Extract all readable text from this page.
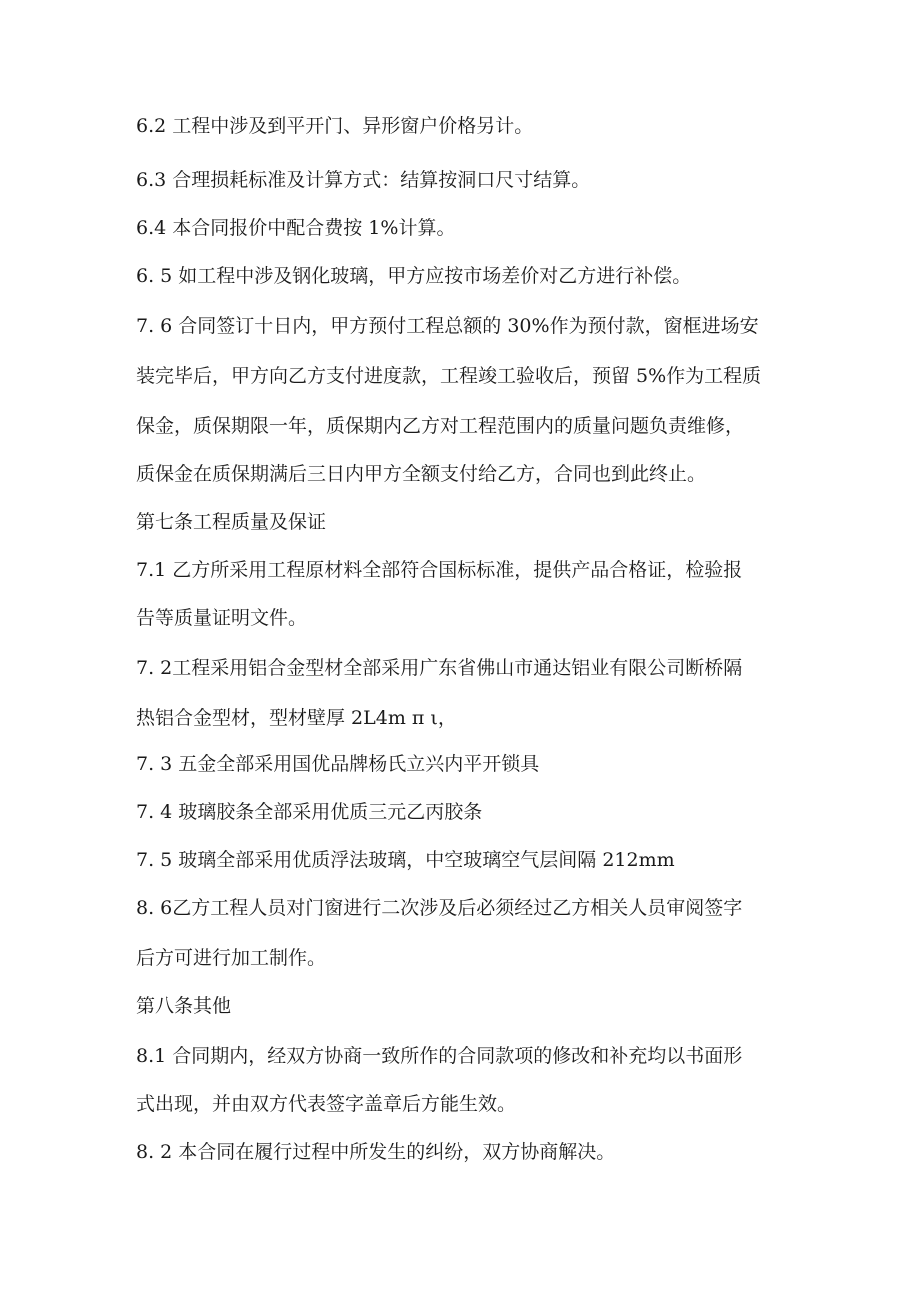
6.2 工程中涉及到平开门、异形窗户价格另计。
6.3 合理损耗标准及计算方式：结算按洞口尺寸结算。
6.4 本合同报价中配合费按 1%计算。
6. 5 如工程中涉及钢化玻璃，甲方应按市场差价对乙方进行补偿。
7. 6 合同签订十日内，甲方预付工程总额的 30%作为预付款，窗框进场安
装完毕后，甲方向乙方支付进度款，工程竣工验收后，预留 5%作为工程质
保金，质保期限一年，质保期内乙方对工程范围内的质量问题负责维修，
质保金在质保期满后三日内甲方全额支付给乙方，合同也到此终止。
第七条工程质量及保证
7.1 乙方所采用工程原材料全部符合国标标准，提供产品合格证，检验报
告等质量证明文件。
7. 2工程采用铝合金型材全部采用广东省佛山市通达铝业有限公司断桥隔
热铝合金型材，型材壁厚 2L4m π ι，
7. 3 五金全部采用国优品牌杨氏立兴内平开锁具
7. 4 玻璃胶条全部采用优质三元乙丙胶条
7. 5 玻璃全部采用优质浮法玻璃，中空玻璃空气层间隔 212mm
8. 6乙方工程人员对门窗进行二次涉及后必须经过乙方相关人员审阅签字
后方可进行加工制作。
第八条其他
8.1 合同期内，经双方协商一致所作的合同款项的修改和补充均以书面形
式出现，并由双方代表签字盖章后方能生效。
8. 2 本合同在履行过程中所发生的纠纷，双方协商解决。
